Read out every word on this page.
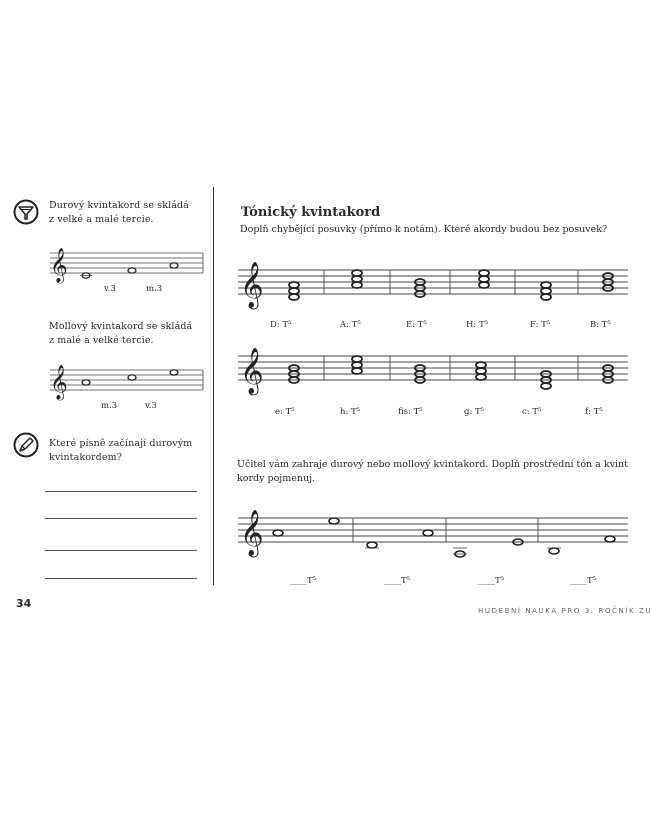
Durový kvintakord se skládá
z velké a malé tercie.
𝄞
v.3	m.3
Mollový kvintakord se skládá
z malé a velké tercie.
𝄞
m.3	v.3
Které písně začínají durovým
kvintakordem?
34
Tónický kvintakord
Doplň chybějící posuvky (přímo k notám). Které akordy budou bez posuvek?
𝄞
D: T⁵	A: T⁵	E: T⁵	H: T⁵	F: T⁵	B: T⁵
𝄞
e: T⁵	h: T⁵	fis: T⁵	g: T⁵	c: T⁵	f: T⁵
Učitel vám zahraje durový nebo mollový kvintakord. Doplň prostřední tón a kvint
kordy pojmenuj.
𝄞
____T⁵	____T⁵	____T⁵	____T⁵
HUDEBNÍ NAUKA PRO 3. ROČNÍK ZU
